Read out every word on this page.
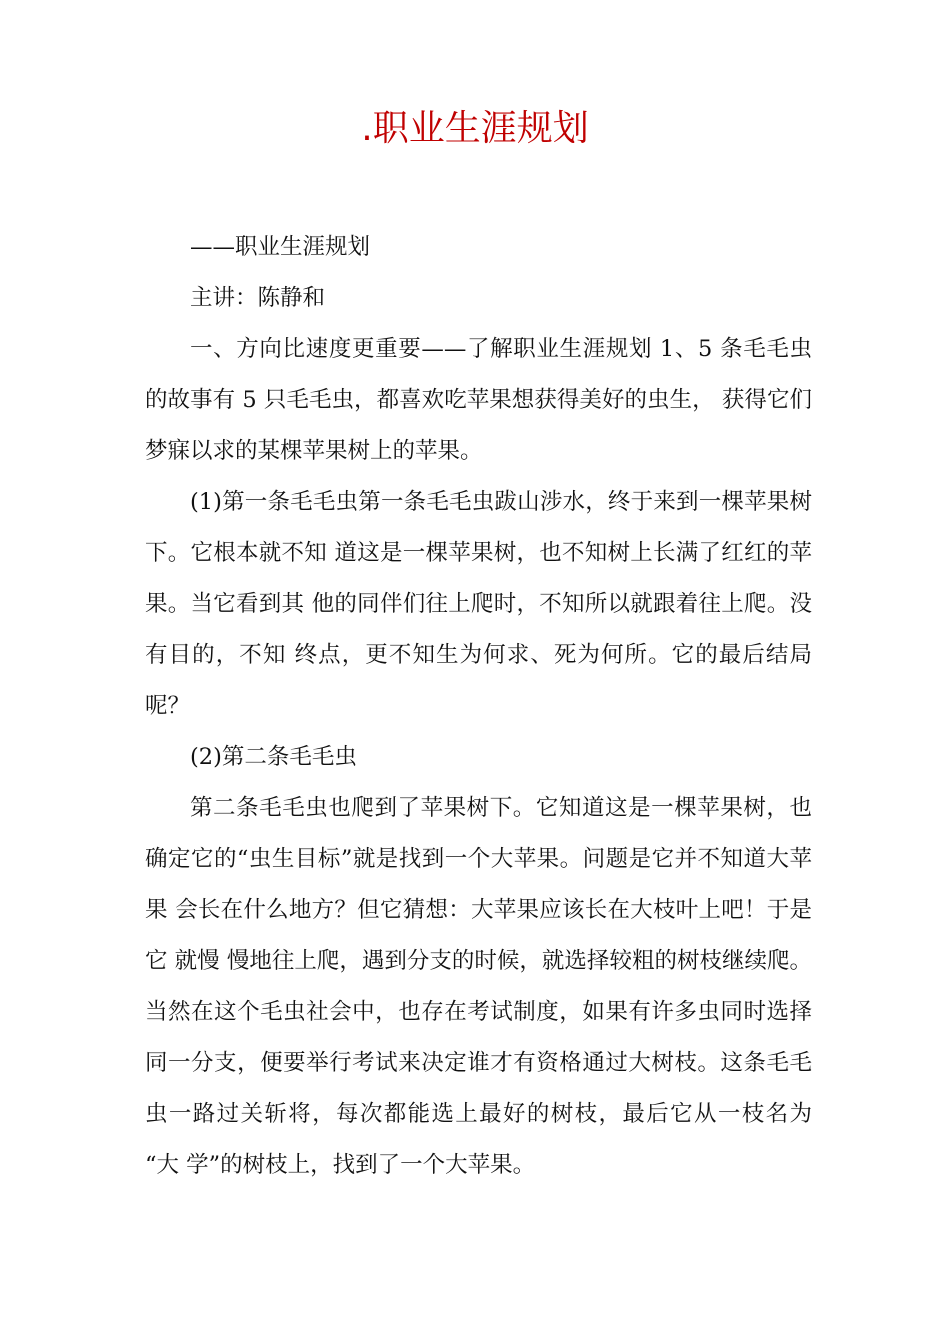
.职业生涯规划

——职业生涯规划

主讲：陈静和

一、方向比速度更重要——了解职业生涯规划 1、5 条毛毛虫的故事有 5 只毛毛虫，都喜欢吃苹果想获得美好的虫生， 获得它们梦寐以求的某棵苹果树上的苹果。

(1)第一条毛毛虫第一条毛毛虫跋山涉水，终于来到一棵苹果树下。它根本就不知 道这是一棵苹果树，也不知树上长满了红红的苹果。当它看到其 他的同伴们往上爬时，不知所以就跟着往上爬。没有目的，不知 终点，更不知生为何求、死为何所。它的最后结局呢？

(2)第二条毛毛虫

第二条毛毛虫也爬到了苹果树下。它知道这是一棵苹果树，也确定它的“虫生目标”就是找到一个大苹果。问题是它并不知道大苹果 会长在什么地方？但它猜想：大苹果应该长在大枝叶上吧！于是它 就慢 慢地往上爬，遇到分支的时候，就选择较粗的树枝继续爬。 当然在这个毛虫社会中，也存在考试制度，如果有许多虫同时选择 同一分支，便要举行考试来决定谁才有资格通过大树枝。这条毛毛 虫一路过关斩将，每次都能选上最好的树枝，最后它从一枝名为 “大 学”的树枝上，找到了一个大苹果。
